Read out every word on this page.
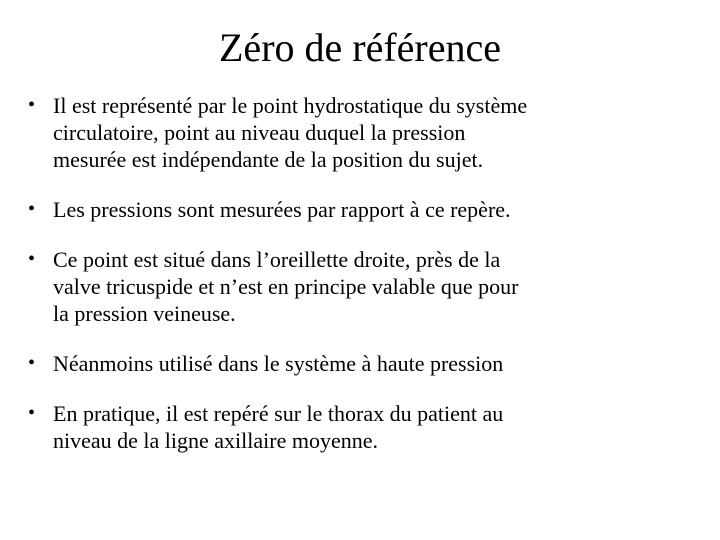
Zéro de référence
• Il est représenté par le point hydrostatique du système
circulatoire, point au niveau duquel la pression
mesurée est indépendante de la position du sujet.
• Les pressions sont mesurées par rapport à ce repère.
• Ce point est situé dans l’oreillette droite, près de la
valve tricuspide et n’est en principe valable que pour
la pression veineuse.
• Néanmoins utilisé dans le système à haute pression
• En pratique, il est repéré sur le thorax du patient au
niveau de la ligne axillaire moyenne.
